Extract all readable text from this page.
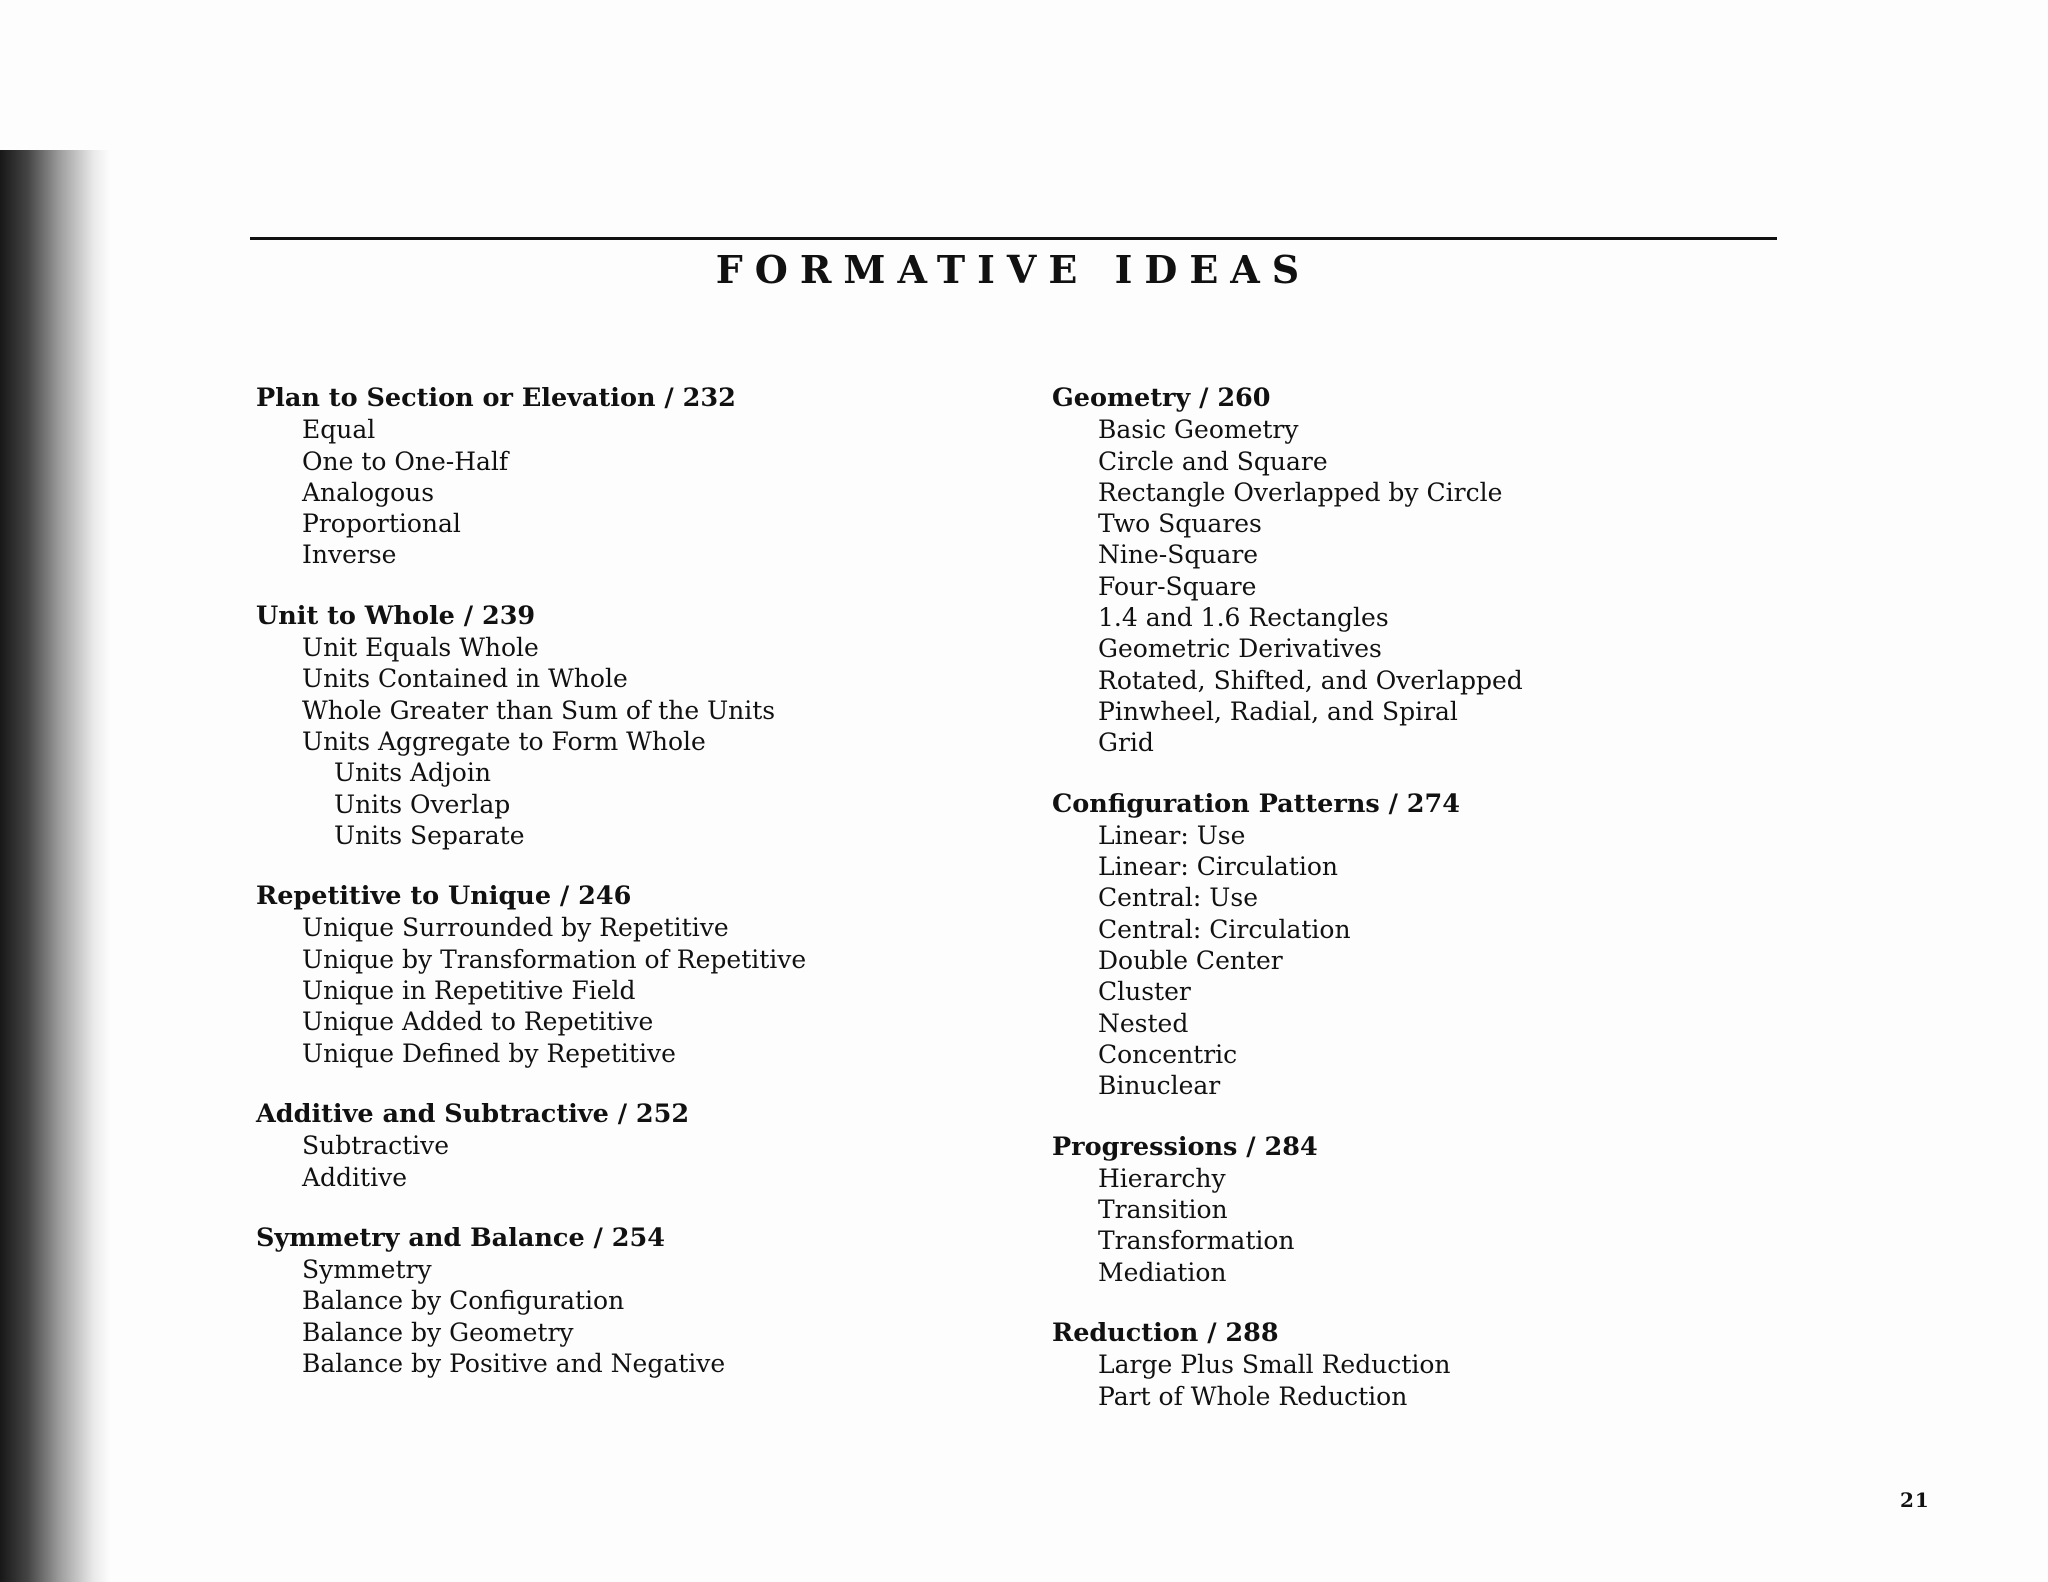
FORMATIVE IDEAS
Plan to Section or Elevation / 232
Equal
One to One-Half
Analogous
Proportional
Inverse
Unit to Whole / 239
Unit Equals Whole
Units Contained in Whole
Whole Greater than Sum of the Units
Units Aggregate to Form Whole
Units Adjoin
Units Overlap
Units Separate
Repetitive to Unique / 246
Unique Surrounded by Repetitive
Unique by Transformation of Repetitive
Unique in Repetitive Field
Unique Added to Repetitive
Unique Defined by Repetitive
Additive and Subtractive / 252
Subtractive
Additive
Symmetry and Balance / 254
Symmetry
Balance by Configuration
Balance by Geometry
Balance by Positive and Negative
Geometry / 260
Basic Geometry
Circle and Square
Rectangle Overlapped by Circle
Two Squares
Nine-Square
Four-Square
1.4 and 1.6 Rectangles
Geometric Derivatives
Rotated, Shifted, and Overlapped
Pinwheel, Radial, and Spiral
Grid
Configuration Patterns / 274
Linear: Use
Linear: Circulation
Central: Use
Central: Circulation
Double Center
Cluster
Nested
Concentric
Binuclear
Progressions / 284
Hierarchy
Transition
Transformation
Mediation
Reduction / 288
Large Plus Small Reduction
Part of Whole Reduction
21
